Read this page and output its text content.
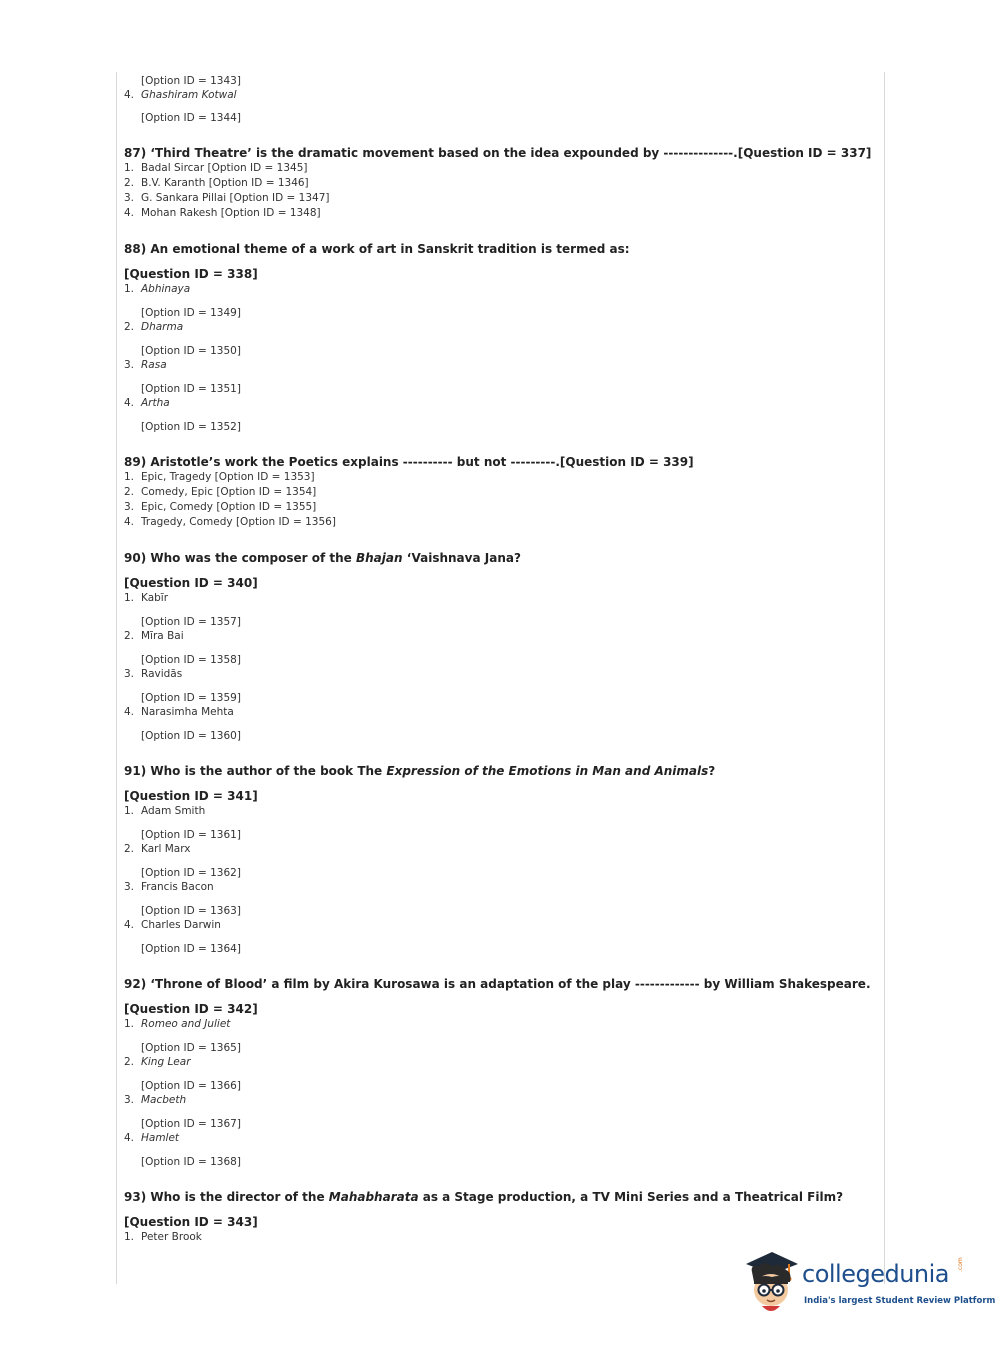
[Option ID = 1343]
4. Ghashiram Kotwal
[Option ID = 1344]
87) ‘Third Theatre’ is the dramatic movement based on the idea expounded by --------------.[Question ID = 337]
1. Badal Sircar [Option ID = 1345]
2. B.V. Karanth [Option ID = 1346]
3. G. Sankara Pillai [Option ID = 1347]
4. Mohan Rakesh [Option ID = 1348]
88) An emotional theme of a work of art in Sanskrit tradition is termed as:
[Question ID = 338]
1. Abhinaya
[Option ID = 1349]
2. Dharma
[Option ID = 1350]
3. Rasa
[Option ID = 1351]
4. Artha
[Option ID = 1352]
89) Aristotle’s work the Poetics explains ---------- but not ---------.[Question ID = 339]
1. Epic, Tragedy [Option ID = 1353]
2. Comedy, Epic [Option ID = 1354]
3. Epic, Comedy [Option ID = 1355]
4. Tragedy, Comedy [Option ID = 1356]
90) Who was the composer of the Bhajan ‘Vaishnava Jana?
[Question ID = 340]
1. Kabīr
[Option ID = 1357]
2. Mīra Bai
[Option ID = 1358]
3. Ravidās
[Option ID = 1359]
4. Narasimha Mehta
[Option ID = 1360]
91) Who is the author of the book The Expression of the Emotions in Man and Animals?
[Question ID = 341]
1. Adam Smith
[Option ID = 1361]
2. Karl Marx
[Option ID = 1362]
3. Francis Bacon
[Option ID = 1363]
4. Charles Darwin
[Option ID = 1364]
92) ‘Throne of Blood’ a film by Akira Kurosawa is an adaptation of the play ------------- by William Shakespeare.
[Question ID = 342]
1. Romeo and Juliet
[Option ID = 1365]
2. King Lear
[Option ID = 1366]
3. Macbeth
[Option ID = 1367]
4. Hamlet
[Option ID = 1368]
93) Who is the director of the Mahabharata as a Stage production, a TV Mini Series and a Theatrical Film?
[Question ID = 343]
1. Peter Brook
collegedunia .com
India's largest Student Review Platform
